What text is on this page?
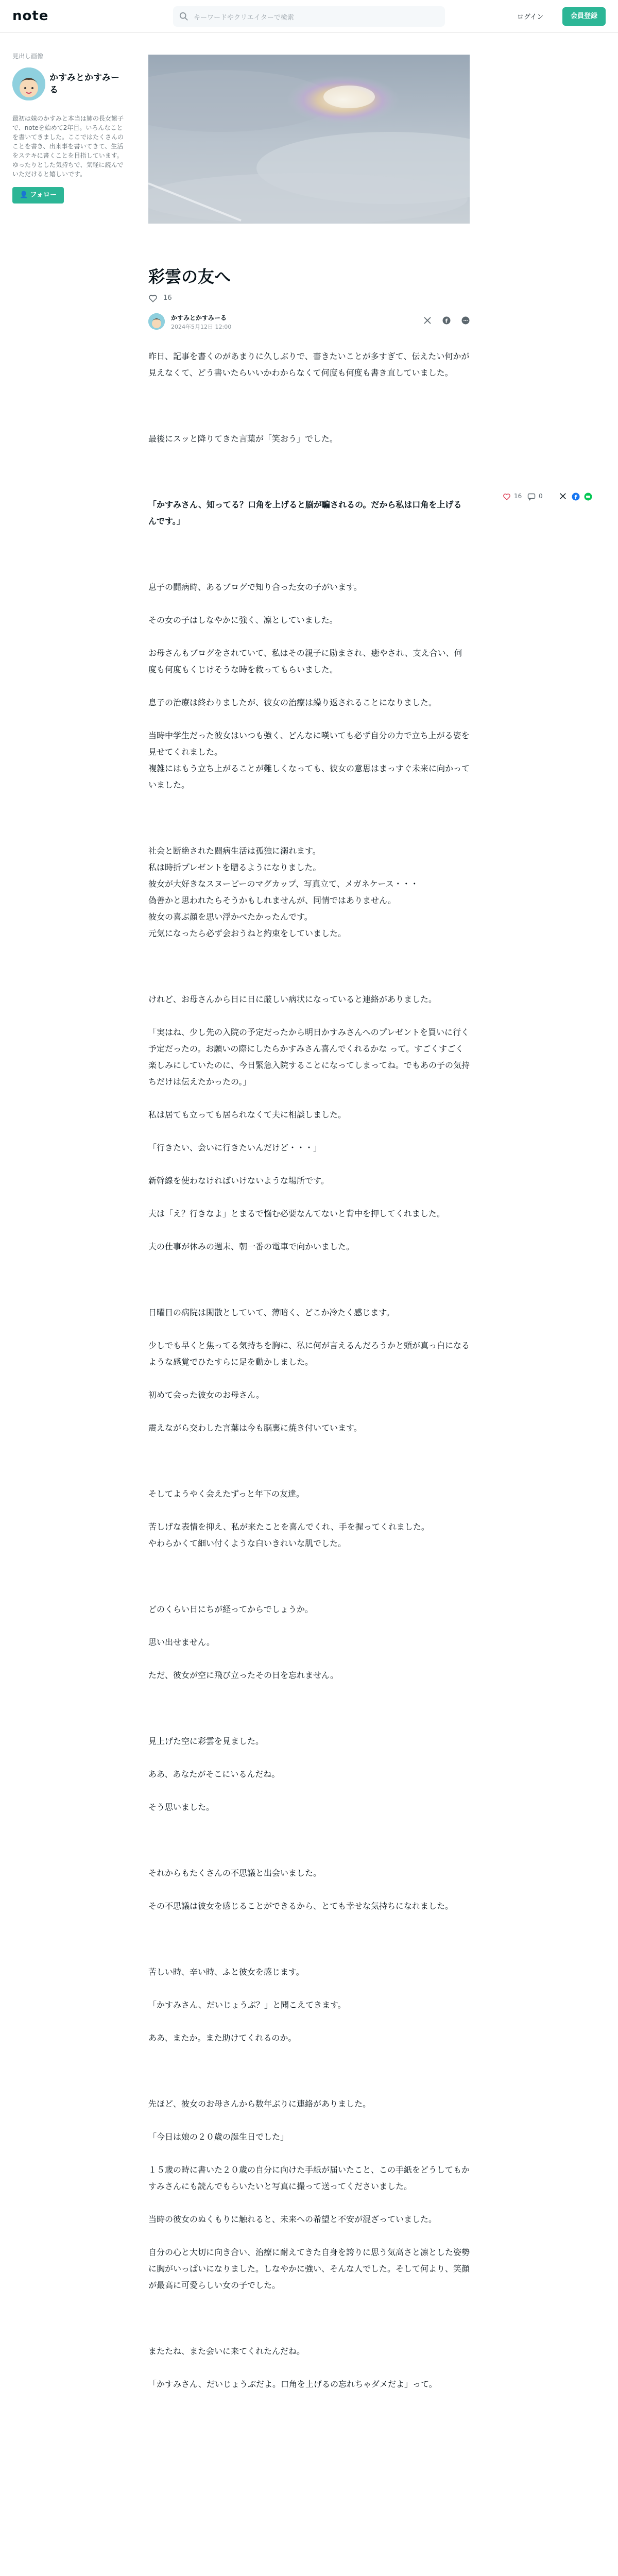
note	キーワードやクリエイターで検索	ログイン	会員登録
見出し画像
かすみとかすみーる
最初は妹のかすみと本当は姉の長女繁子で、noteを始めて2年目。いろんなことを書いてきました。ここではたくさんのことを書き、出来事を書いてきて、生活をステキに書くことを目指しています。ゆったりとした気持ちで、気軽に読んでいただけると嬉しいです。
👤 フォロー
彩雲の友へ
16
かすみとかすみーる
2024年5月12日 12:00

f

16	0	f

昨日、記事を書くのがあまりに久しぶりで、書きたいことが多すぎて、伝えたい何かが見えなくて、どう書いたらいいかわからなくて何度も何度も書き直していました。

最後にスッと降りてきた言葉が「笑おう」でした。

「かすみさん、知ってる？口角を上げると脳が騙されるの。だから私は口角を上げるんです。」

息子の闘病時、あるブログで知り合った女の子がいます。

その女の子はしなやかに強く、凛としていました。

お母さんもブログをされていて、私はその親子に励まされ、癒やされ、支え合い、何度も何度もくじけそうな時を救ってもらいました。

息子の治療は終わりましたが、彼女の治療は繰り返されることになりました。

当時中学生だった彼女はいつも強く、どんなに嘆いても必ず自分の力で立ち上がる姿を見せてくれました。
複雑にはもう立ち上がることが難しくなっても、彼女の意思はまっすぐ未来に向かっていました。

社会と断絶された闘病生活は孤独に溺れます。
私は時折プレゼントを贈るようになりました。
彼女が大好きなスヌーピーのマグカップ、写真立て、メガネケース・・・
偽善かと思われたらそうかもしれませんが、同情ではありません。
彼女の喜ぶ顔を思い浮かべたかったんです。
元気になったら必ず会おうねと約束をしていました。

けれど、お母さんから日に日に厳しい病状になっていると連絡がありました。

「実はね、少し先の入院の予定だったから明日かすみさんへのプレゼントを買いに行く予定だったの。お願いの際にしたらかすみさん喜んでくれるかな って。すごくすごく楽しみにしていたのに、今日緊急入院することになってしまってね。でもあの子の気持ちだけは伝えたかったの。」

私は居ても立っても居られなくて夫に相談しました。

「行きたい、会いに行きたいんだけど・・・」

新幹線を使わなければいけないような場所です。

夫は「え？行きなよ」とまるで悩む必要なんてないと背中を押してくれました。

夫の仕事が休みの週末、朝一番の電車で向かいました。

日曜日の病院は閑散としていて、薄暗く、どこか冷たく感じます。

少しでも早くと焦ってる気持ちを胸に、私に何が言えるんだろうかと頭が真っ白になるような感覚でひたすらに足を動かしました。

初めて会った彼女のお母さん。

震えながら交わした言葉は今も脳裏に焼き付いています。

そしてようやく会えたずっと年下の友達。

苦しげな表情を抑え、私が来たことを喜んでくれ、手を握ってくれました。
やわらかくて細い付くような白いきれいな肌でした。

どのくらい日にちが経ってからでしょうか。

思い出せません。

ただ、彼女が空に飛び立ったその日を忘れません。

見上げた空に彩雲を見ました。

ああ、あなたがそこにいるんだね。

そう思いました。

それからもたくさんの不思議と出会いました。

その不思議は彼女を感じることができるから、とても幸せな気持ちになれました。

苦しい時、辛い時、ふと彼女を感じます。

「かすみさん、だいじょうぶ？」と聞こえてきます。

ああ、またか。また助けてくれるのか。

先ほど、彼女のお母さんから数年ぶりに連絡がありました。

「今日は娘の２０歳の誕生日でした」

１５歳の時に書いた２０歳の自分に向けた手紙が届いたこと、この手紙をどうしてもかすみさんにも読んでもらいたいと写真に撮って送ってくださいました。

当時の彼女のぬくもりに触れると、未来への希望と不安が混ざっていました。

自分の心と大切に向き合い、治療に耐えてきた自身を誇りに思う気高さと凛とした姿勢に胸がいっぱいになりました。しなやかに強い、そんな人でした。そして何より、笑顔が最高に可愛らしい女の子でした。

またたね、また会いに来てくれたんだね。

「かすみさん、だいじょうぶだよ。口角を上げるの忘れちゃダメだよ」って。
